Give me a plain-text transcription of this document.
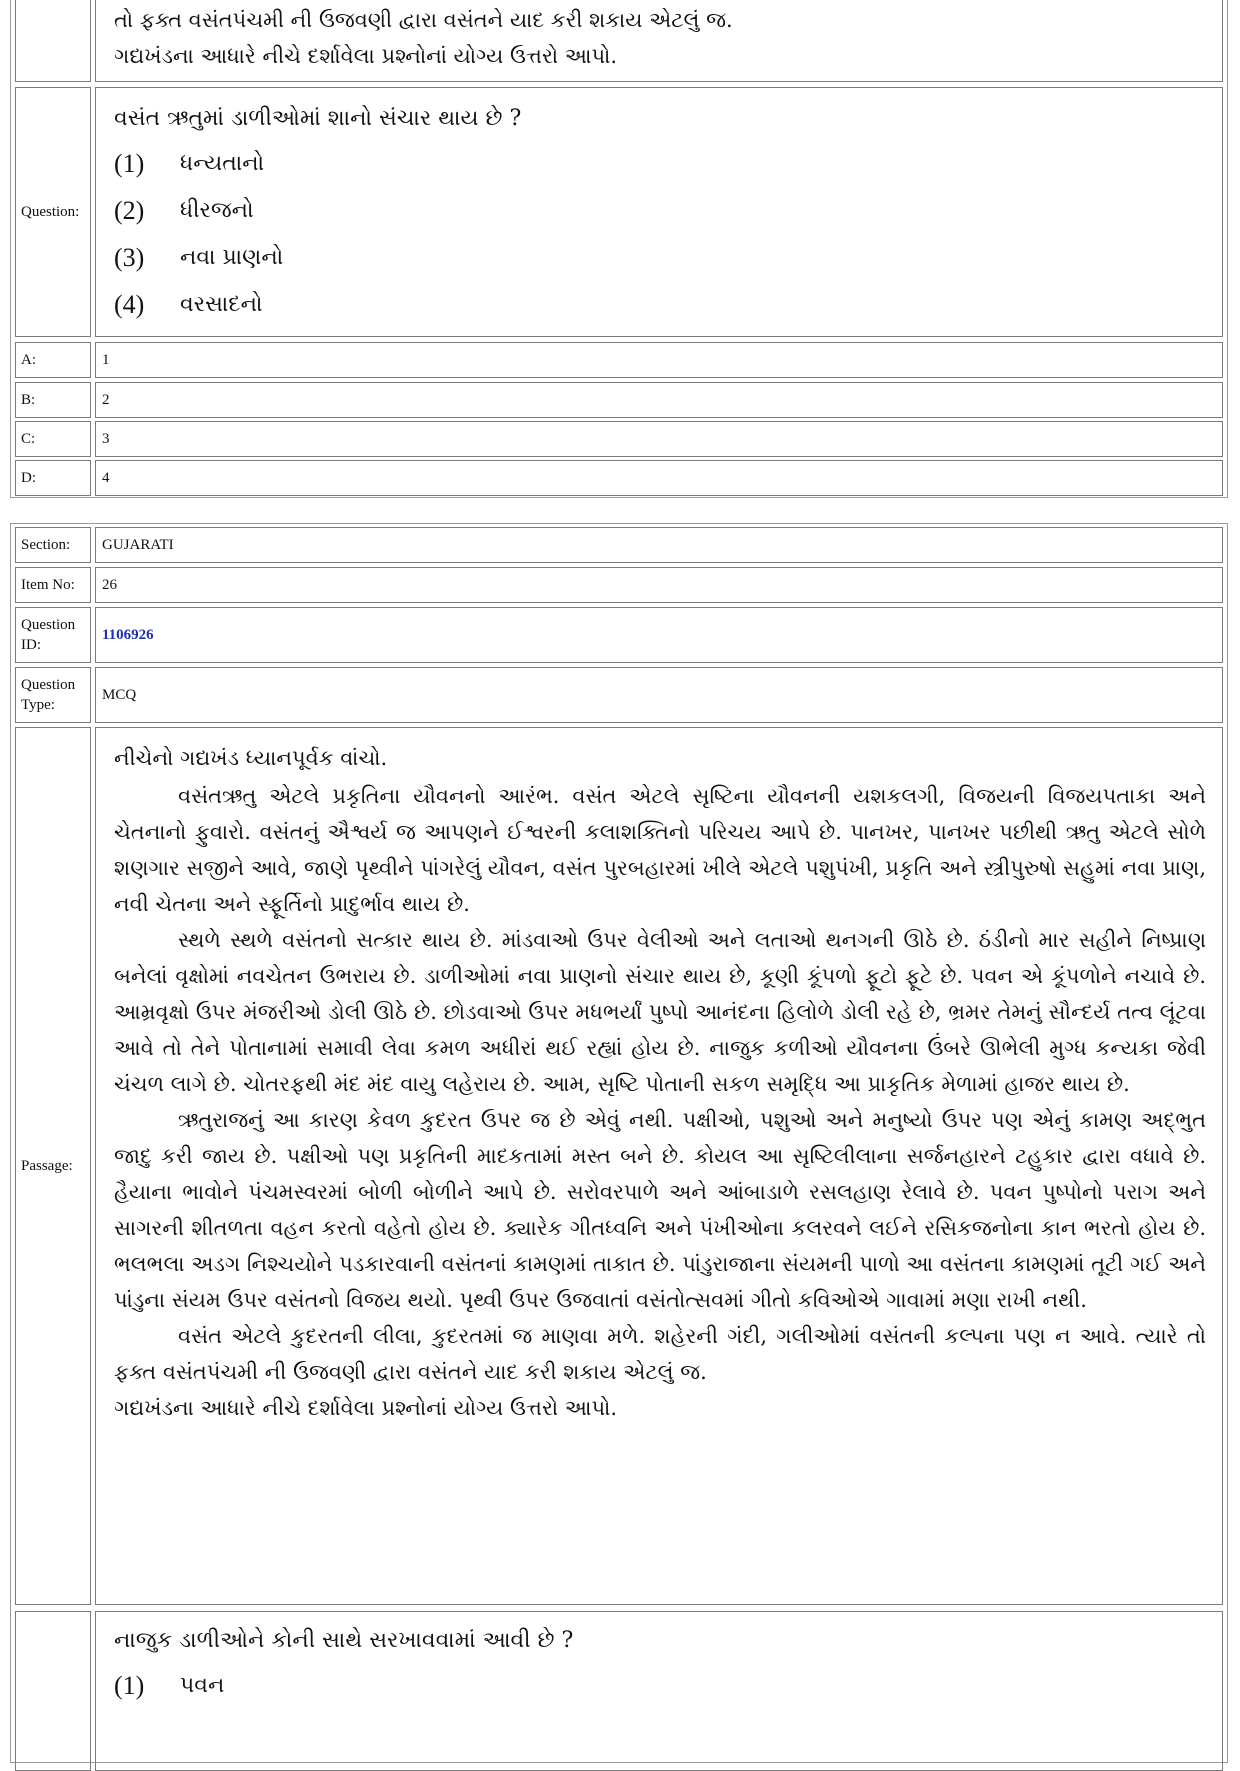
તો ફક્ત વસંતપંચમી ની ઉજવણી દ્વારા વસંતને યાદ કરી શકાય એટલું જ.

ગદ્યખંડના આધારે નીચે દર્શાવેલા પ્રશ્નોનાં યોગ્ય ઉત્તરો આપો.

Question:

વસંત ઋતુમાં ડાળીઓમાં શાનો સંચાર થાય છે ?

(1)	ધન્યતાનો
(2)	ધીરજનો
(3)	નવા પ્રાણનો
(4)	વરસાદનો
A:	1
B:	2
C:	3
D:	4
Section:	GUJARATI
Item No:	26
Question ID:
1106926
Question Type:
MCQ
Passage:

નીચેનો ગદ્યખંડ ધ્યાનપૂર્વક વાંચો.

વસંતઋતુ એટલે પ્રકૃતિના યૌવનનો આરંભ. વસંત એટલે સૃષ્ટિના યૌવનની યશકલગી, વિજયની વિજયપતાકા અને ચેતનાનો ફુવારો. વસંતનું ઐશ્વર્ય જ આપણને ઈશ્વરની કલાશક્તિનો પરિચય આપે છે. પાનખર, પાનખર પછીથી ઋતુ એટલે સોળે શણગાર સજીને આવે, જાણે પૃથ્વીને પાંગરેલું યૌવન, વસંત પુરબહારમાં ખીલે એટલે પશુપંખી, પ્રકૃતિ અને સ્ત્રીપુરુષો સહુમાં નવા પ્રાણ, નવી ચેતના અને સ્ફૂર્તિનો પ્રાદુર્ભાવ થાય છે.

સ્થળે સ્થળે વસંતનો સત્કાર થાય છે. માંડવાઓ ઉપર વેલીઓ અને લતાઓ થનગની ઊઠે છે. ઠંડીનો માર સહીને નિષ્પ્રાણ બનેલાં વૃક્ષોમાં નવચેતન ઉભરાય છે. ડાળીઓમાં નવા પ્રાણનો સંચાર થાય છે, કૂણી કૂંપળો ફૂટો ફૂટે છે. પવન એ કૂંપળોને નચાવે છે. આમ્રવૃક્ષો ઉપર મંજરીઓ ડોલી ઊઠે છે. છોડવાઓ ઉપર મધભર્યાં પુષ્પો આનંદના હિલોળે ડોલી રહે છે, ભ્રમર તેમનું સૌન્દર્ય તત્વ લૂંટવા આવે તો તેને પોતાનામાં સમાવી લેવા કમળ અધીરાં થઈ રહ્યાં હોય છે. નાજુક કળીઓ યૌવનના ઉંબરે ઊભેલી મુગ્ધ કન્યકા જેવી ચંચળ લાગે છે. ચોતરફથી મંદ મંદ વાયુ લહેરાય છે. આમ, સૃષ્ટિ પોતાની સકળ સમૃદ્ધિ આ પ્રાકૃતિક મેળામાં હાજર થાય છે.

ઋતુરાજનું આ કારણ કેવળ કુદરત ઉપર જ છે એવું નથી. પક્ષીઓ, પશુઓ અને મનુષ્યો ઉપર પણ એનું કામણ અદ્ભુત જાદુ કરી જાય છે. પક્ષીઓ પણ પ્રકૃતિની માદકતામાં મસ્ત બને છે. કોયલ આ સૃષ્ટિલીલાના સર્જનહારને ટહુકાર દ્વારા વધાવે છે. હૈયાના ભાવોને પંચમસ્વરમાં બોળી બોળીને આપે છે. સરોવરપાળે અને આંબાડાળે રસલહાણ રેલાવે છે. પવન પુષ્પોનો પરાગ અને સાગરની શીતળતા વહન કરતો વહેતો હોય છે. ક્યારેક ગીતધ્વનિ અને પંખીઓના કલરવને લઈને રસિકજનોના કાન ભરતો હોય છે. ભલભલા અડગ નિશ્ચયોને પડકારવાની વસંતનાં કામણમાં તાકાત છે. પાંડુરાજાના સંયમની પાળો આ વસંતના કામણમાં તૂટી ગઈ અને પાંડુના સંયમ ઉપર વસંતનો વિજય થયો. પૃથ્વી ઉપર ઉજવાતાં વસંતોત્સવમાં ગીતો કવિઓએ ગાવામાં મણા રાખી નથી.

વસંત એટલે કુદરતની લીલા, કુદરતમાં જ માણવા મળે. શહેરની ગંદી, ગલીઓમાં વસંતની કલ્પના પણ ન આવે. ત્યારે તો ફક્ત વસંતપંચમી ની ઉજવણી દ્વારા વસંતને યાદ કરી શકાય એટલું જ.

ગદ્યખંડના આધારે નીચે દર્શાવેલા પ્રશ્નોનાં યોગ્ય ઉત્તરો આપો.

નાજુક ડાળીઓને કોની સાથે સરખાવવામાં આવી છે ?

(1)	પવન
